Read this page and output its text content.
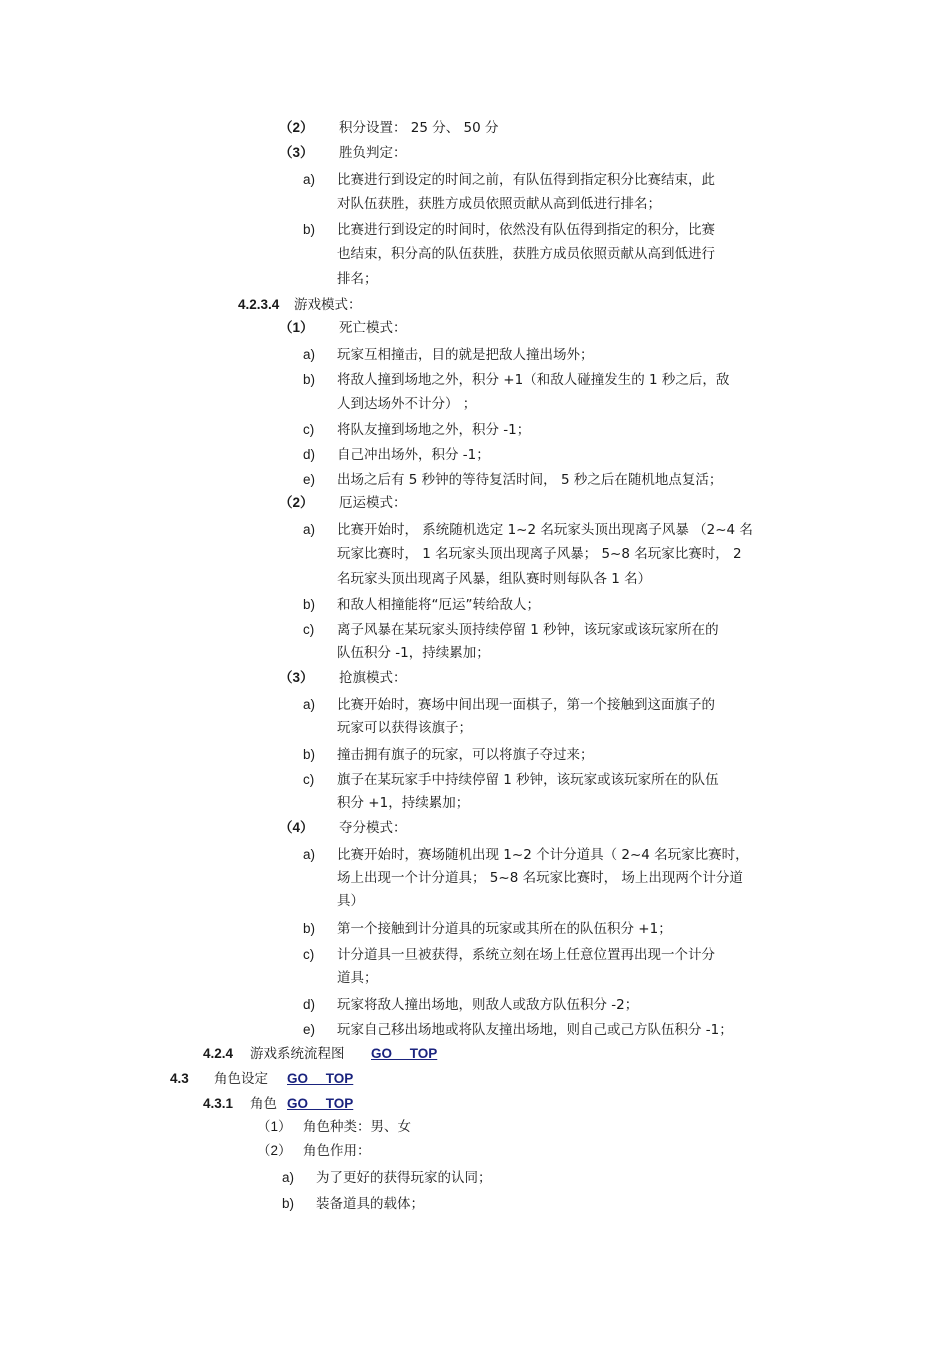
（2） 积分设置： 25 分、 50 分
（3） 胜负判定：
a) 比赛进行到设定的时间之前，有队伍得到指定积分比赛结束，此
对队伍获胜，获胜方成员依照贡献从高到低进行排名；
b) 比赛进行到设定的时间时，依然没有队伍得到指定的积分，比赛
也结束，积分高的队伍获胜，获胜方成员依照贡献从高到低进行
排名；
4.2.3.4 游戏模式：
（1） 死亡模式：
a) 玩家互相撞击，目的就是把敌人撞出场外；
b) 将敌人撞到场地之外，积分 +1（和敌人碰撞发生的 1 秒之后，敌
人到达场外不计分） ；
c) 将队友撞到场地之外，积分 -1；
d) 自己冲出场外，积分 -1；
e) 出场之后有 5 秒钟的等待复活时间， 5 秒之后在随机地点复活；
（2） 厄运模式：
a) 比赛开始时， 系统随机选定 1~2 名玩家头顶出现离子风暴 （2~4 名
玩家比赛时， 1 名玩家头顶出现离子风暴； 5~8 名玩家比赛时， 2
名玩家头顶出现离子风暴，组队赛时则每队各 1 名）
b) 和敌人相撞能将“厄运”转给敌人；
c) 离子风暴在某玩家头顶持续停留 1 秒钟，该玩家或该玩家所在的
队伍积分 -1，持续累加；
（3） 抢旗模式：
a) 比赛开始时，赛场中间出现一面棋子，第一个接触到这面旗子的
玩家可以获得该旗子；
b) 撞击拥有旗子的玩家，可以将旗子夺过来；
c) 旗子在某玩家手中持续停留 1 秒钟，该玩家或该玩家所在的队伍
积分 +1，持续累加；
（4） 夺分模式：
a) 比赛开始时，赛场随机出现 1~2 个计分道具（ 2~4 名玩家比赛时，
场上出现一个计分道具； 5~8 名玩家比赛时， 场上出现两个计分道
具）
b) 第一个接触到计分道具的玩家或其所在的队伍积分 +1；
c) 计分道具一旦被获得，系统立刻在场上任意位置再出现一个计分
道具；
d) 玩家将敌人撞出场地，则敌人或敌方队伍积分 -2；
e) 玩家自己移出场地或将队友撞出场地，则自己或己方队伍积分 -1；
4.2.4 游戏系统流程图 GO TOP
4.3 角色设定 GO TOP
4.3.1 角色 GO TOP
（1） 角色种类：男、女
（2） 角色作用：
a) 为了更好的获得玩家的认同；
b) 装备道具的载体；
